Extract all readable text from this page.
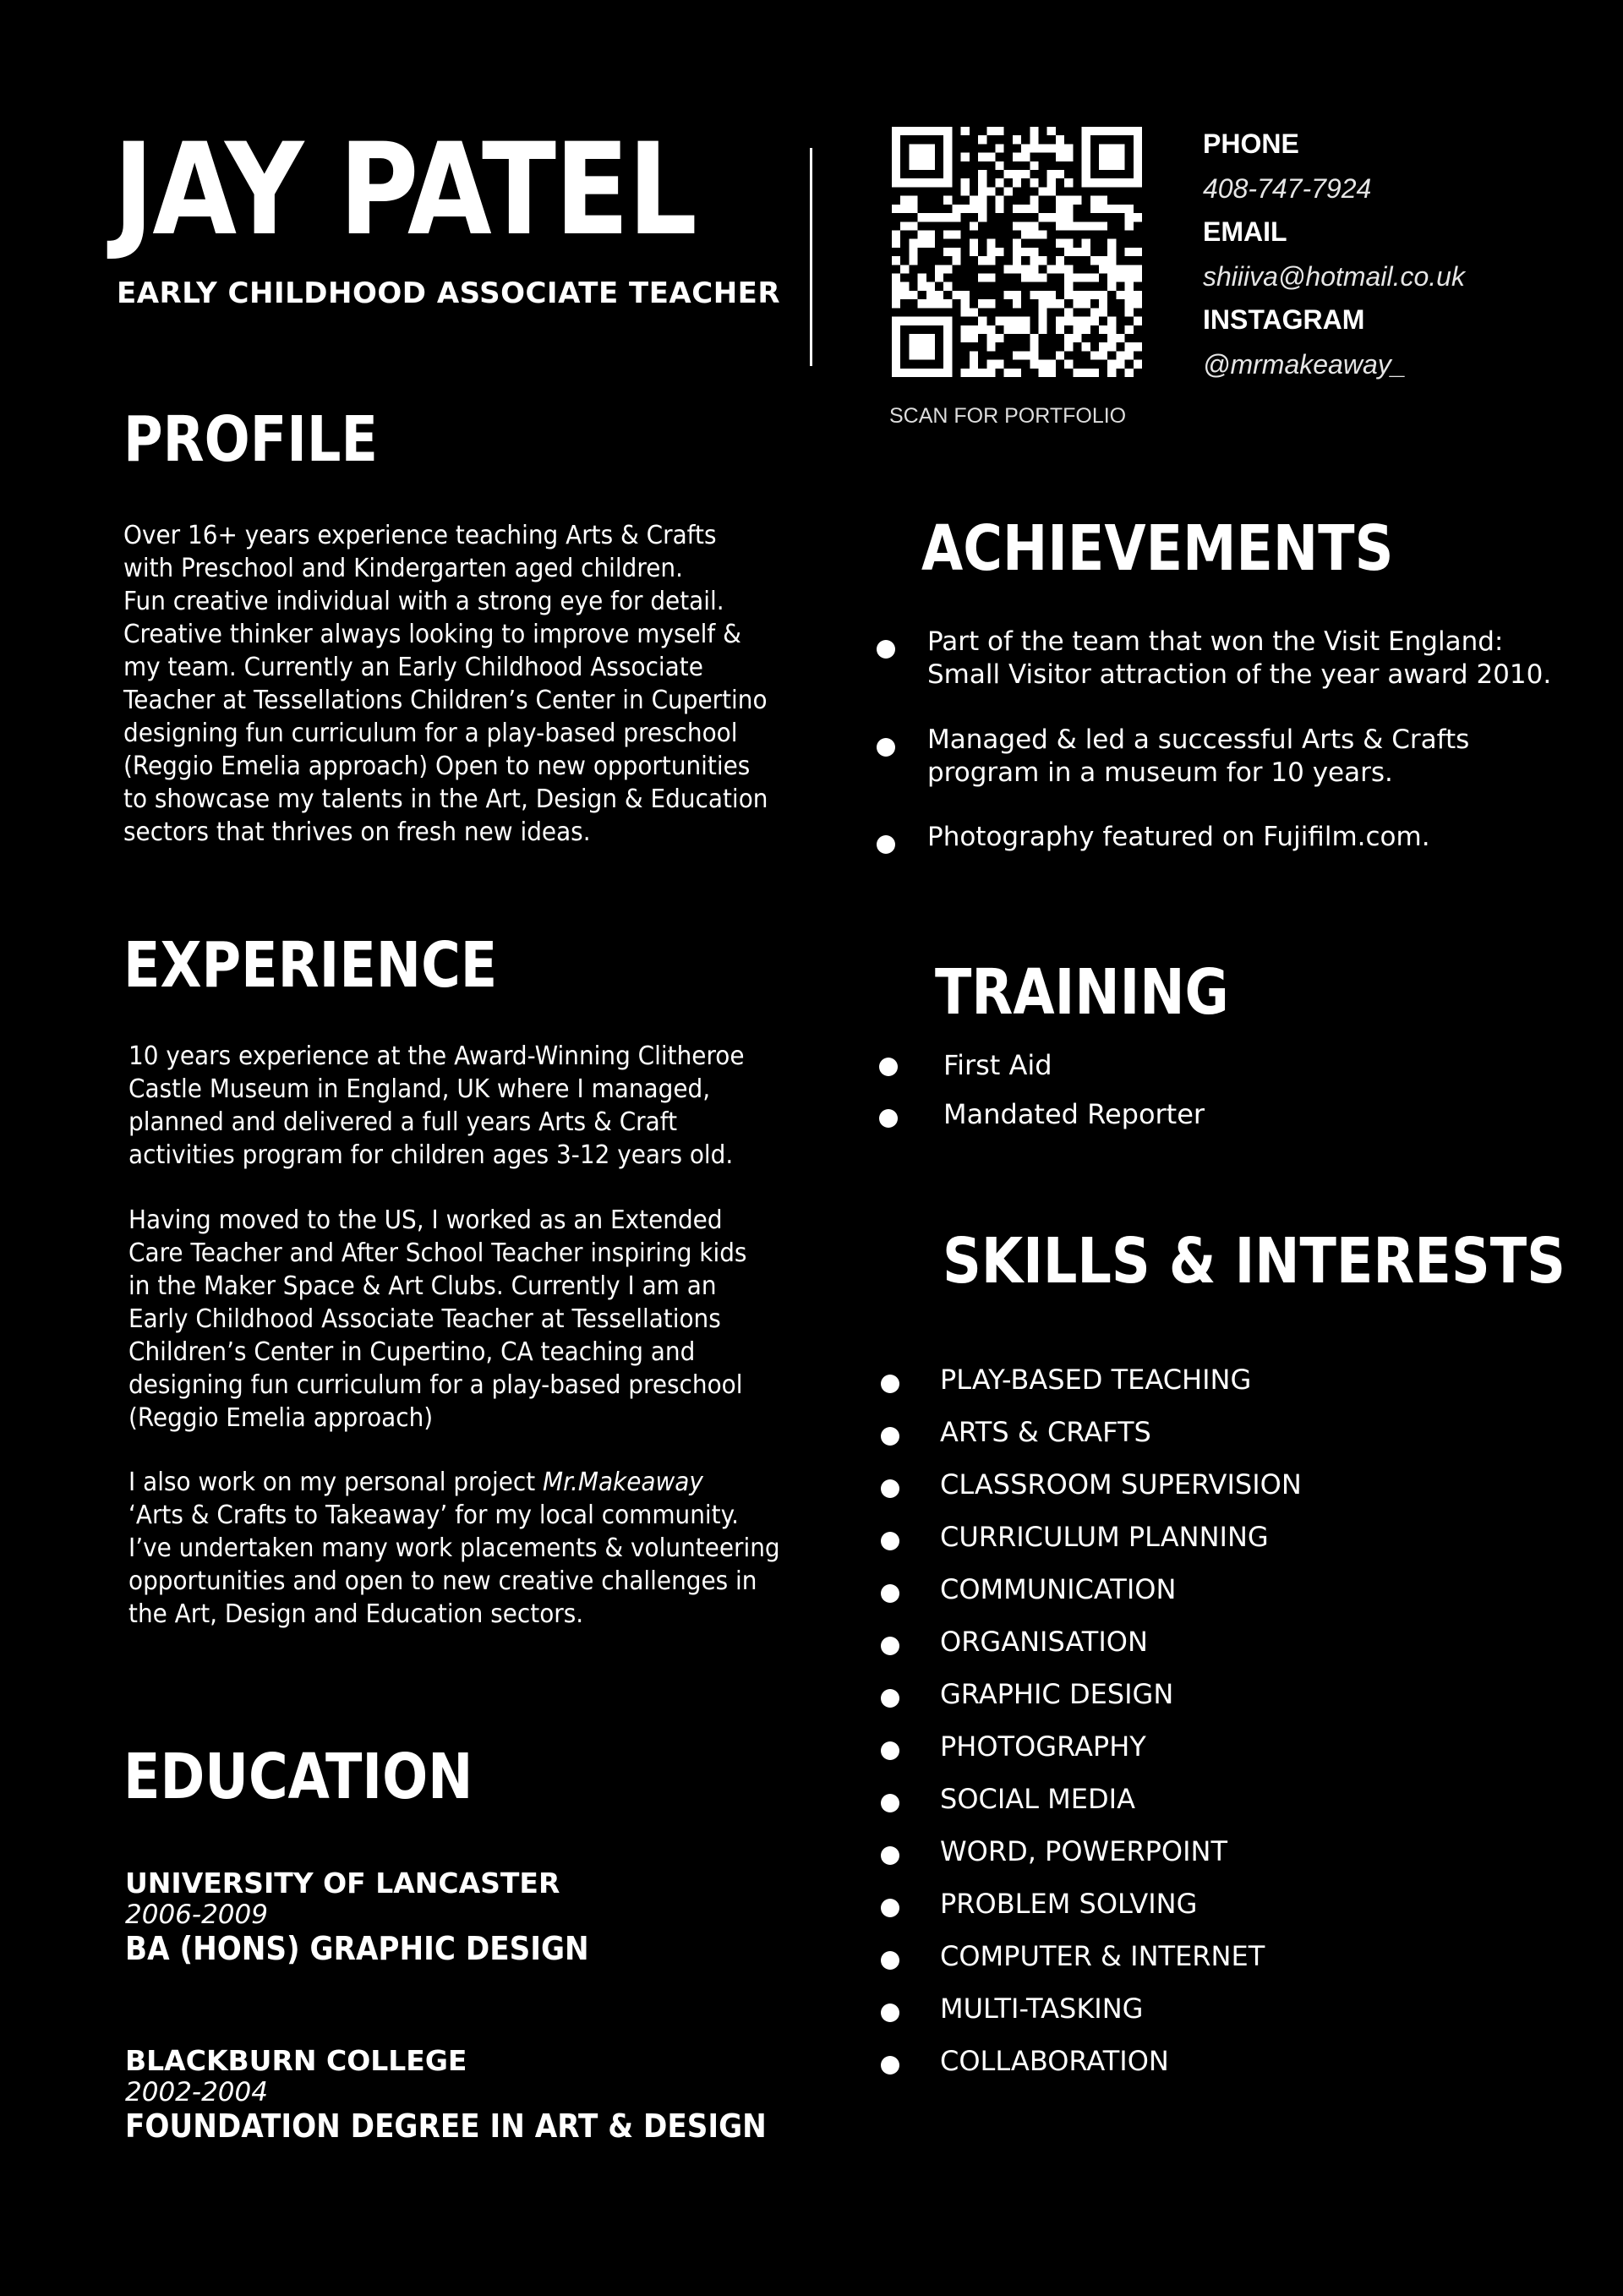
JAY PATEL
EARLY CHILDHOOD ASSOCIATE TEACHER
SCAN FOR PORTFOLIO
PHONE
408-747-7924
EMAIL
shiiiva@hotmail.co.uk
INSTAGRAM
@mrmakeaway_
PROFILE

Over 16+ years experience teaching Arts & Crafts
with Preschool and Kindergarten aged children.
Fun creative individual with a strong eye for detail.
Creative thinker always looking to improve myself &
my team. Currently an Early Childhood Associate
Teacher at Tessellations Children’s Center in Cupertino
designing fun curriculum for a play-based preschool
(Reggio Emelia approach) Open to new opportunities
to showcase my talents in the Art, Design & Education
sectors that thrives on fresh new ideas.

EXPERIENCE

10 years experience at the Award-Winning Clitheroe
Castle Museum in England, UK where I managed,
planned and delivered a full years Arts & Craft
activities program for children ages 3-12 years old.

Having moved to the US, I worked as an Extended
Care Teacher and After School Teacher inspiring kids
in the Maker Space & Art Clubs. Currently I am an
Early Childhood Associate Teacher at Tessellations
Children’s Center in Cupertino, CA teaching and
designing fun curriculum for a play-based preschool
(Reggio Emelia approach)

I also work on my personal project Mr.Makeaway
‘Arts & Crafts to Takeaway’ for my local community.
I’ve undertaken many work placements & volunteering
opportunities and open to new creative challenges in
the Art, Design and Education sectors.

EDUCATION
UNIVERSITY OF LANCASTER
2006-2009
BA (HONS) GRAPHIC DESIGN
BLACKBURN COLLEGE
2002-2004
FOUNDATION DEGREE IN ART & DESIGN
ACHIEVEMENTS
Part of the team that won the Visit England:
Small Visitor attraction of the year award 2010.
Managed & led a successful Arts & Crafts
program in a museum for 10 years.
Photography featured on Fujifilm.com.
TRAINING
First Aid
Mandated Reporter
SKILLS & INTERESTS
PLAY-BASED TEACHING
ARTS & CRAFTS
CLASSROOM SUPERVISION
CURRICULUM PLANNING
COMMUNICATION
ORGANISATION
GRAPHIC DESIGN
PHOTOGRAPHY
SOCIAL MEDIA
WORD, POWERPOINT
PROBLEM SOLVING
COMPUTER & INTERNET
MULTI-TASKING
COLLABORATION
